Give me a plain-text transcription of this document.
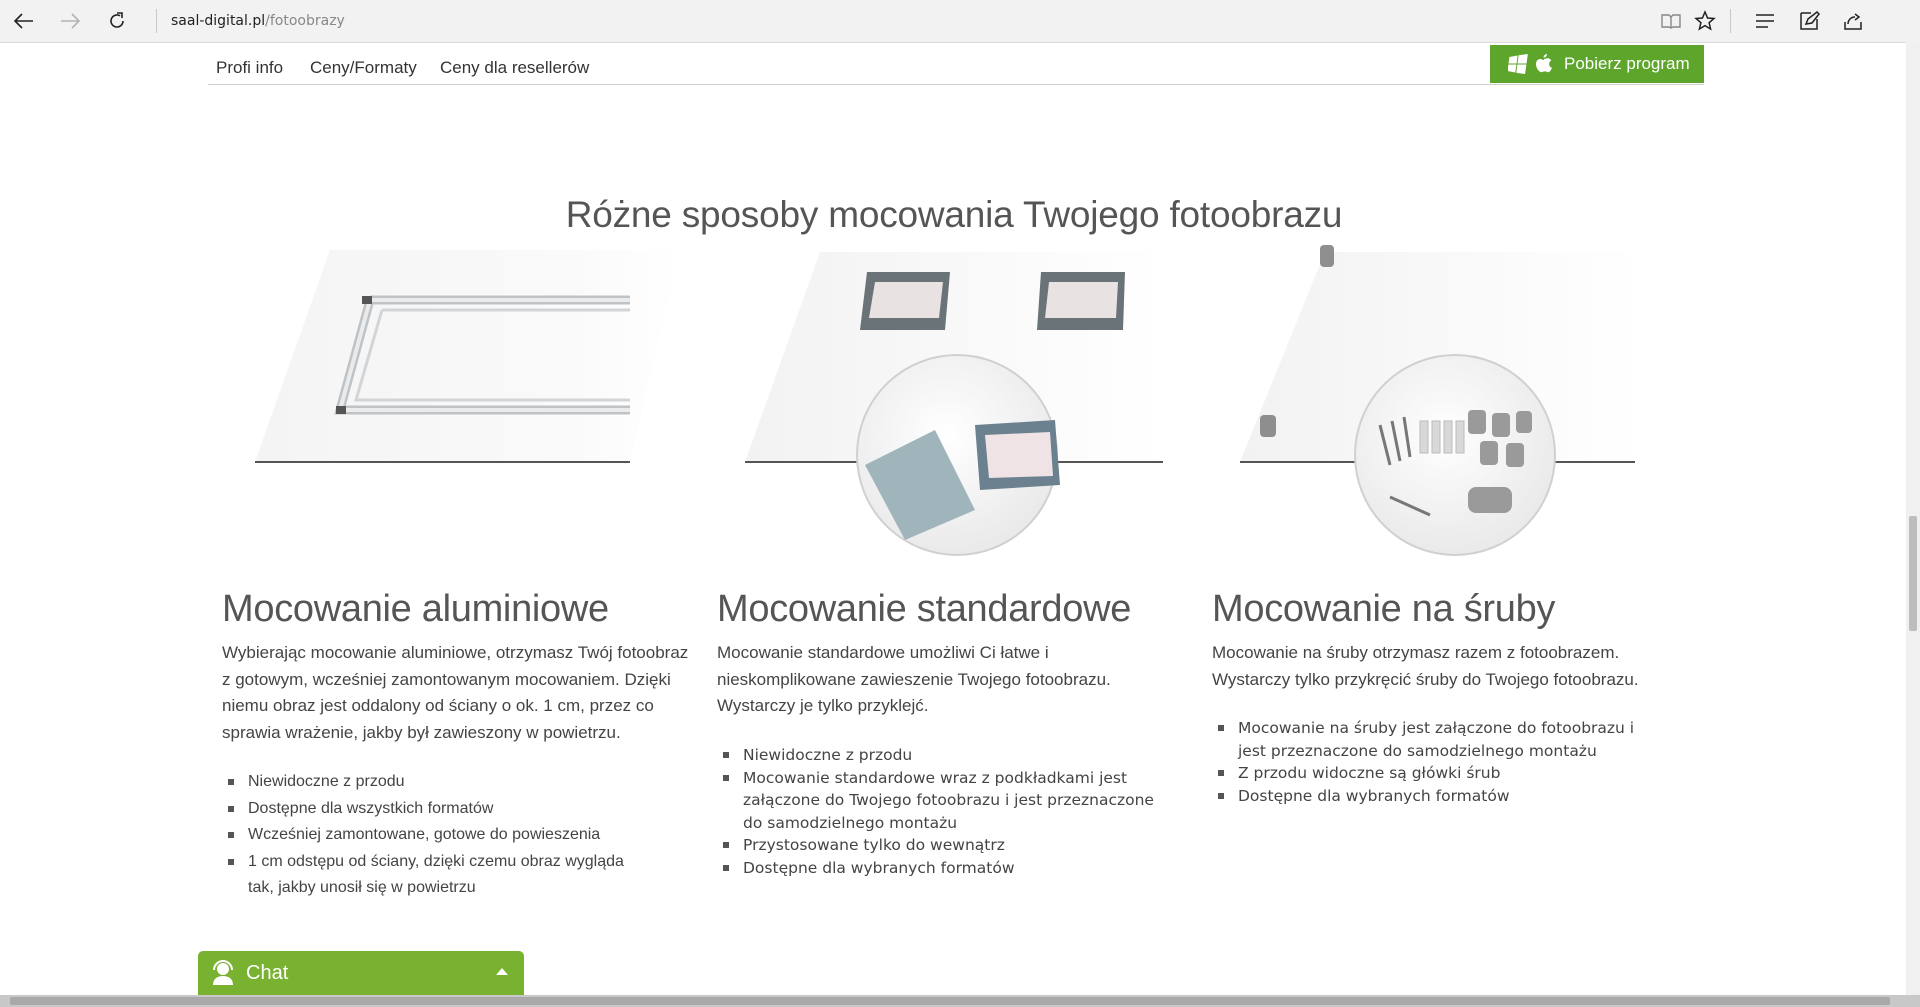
saal-digital.pl/fotoobrazy
Profi info Ceny/Formaty Ceny dla resellerów	Pobierz program
Różne sposoby mocowania Twojego fotoobrazu
Mocowanie aluminiowe
Wybierając mocowanie aluminiowe, otrzymasz Twój fotoobraz
z gotowym, wcześniej zamontowanym mocowaniem. Dzięki
niemu obraz jest oddalony od ściany o ok. 1 cm, przez co
sprawia wrażenie, jakby był zawieszony w powietrzu.
Niewidoczne z przodu
Dostępne dla wszystkich formatów
Wcześniej zamontowane, gotowe do powieszenia
1 cm odstępu od ściany, dzięki czemu obraz wygląda tak, jakby unosił się w powietrzu
Mocowanie standardowe
Mocowanie standardowe umożliwi Ci łatwe i
nieskomplikowane zawieszenie Twojego fotoobrazu.
Wystarczy je tylko przyklejć.
Niewidoczne z przodu
Mocowanie standardowe wraz z podkładkami jest załączone do Twojego fotoobrazu i jest przeznaczone do samodzielnego montażu
Przystosowane tylko do wewnątrz
Dostępne dla wybranych formatów
Mocowanie na śruby
Mocowanie na śruby otrzymasz razem z fotoobrazem.
Wystarczy tylko przykręcić śruby do Twojego fotoobrazu.
Mocowanie na śruby jest załączone do fotoobrazu i jest przeznaczone do samodzielnego montażu
Z przodu widoczne są główki śrub
Dostępne dla wybranych formatów
Chat
